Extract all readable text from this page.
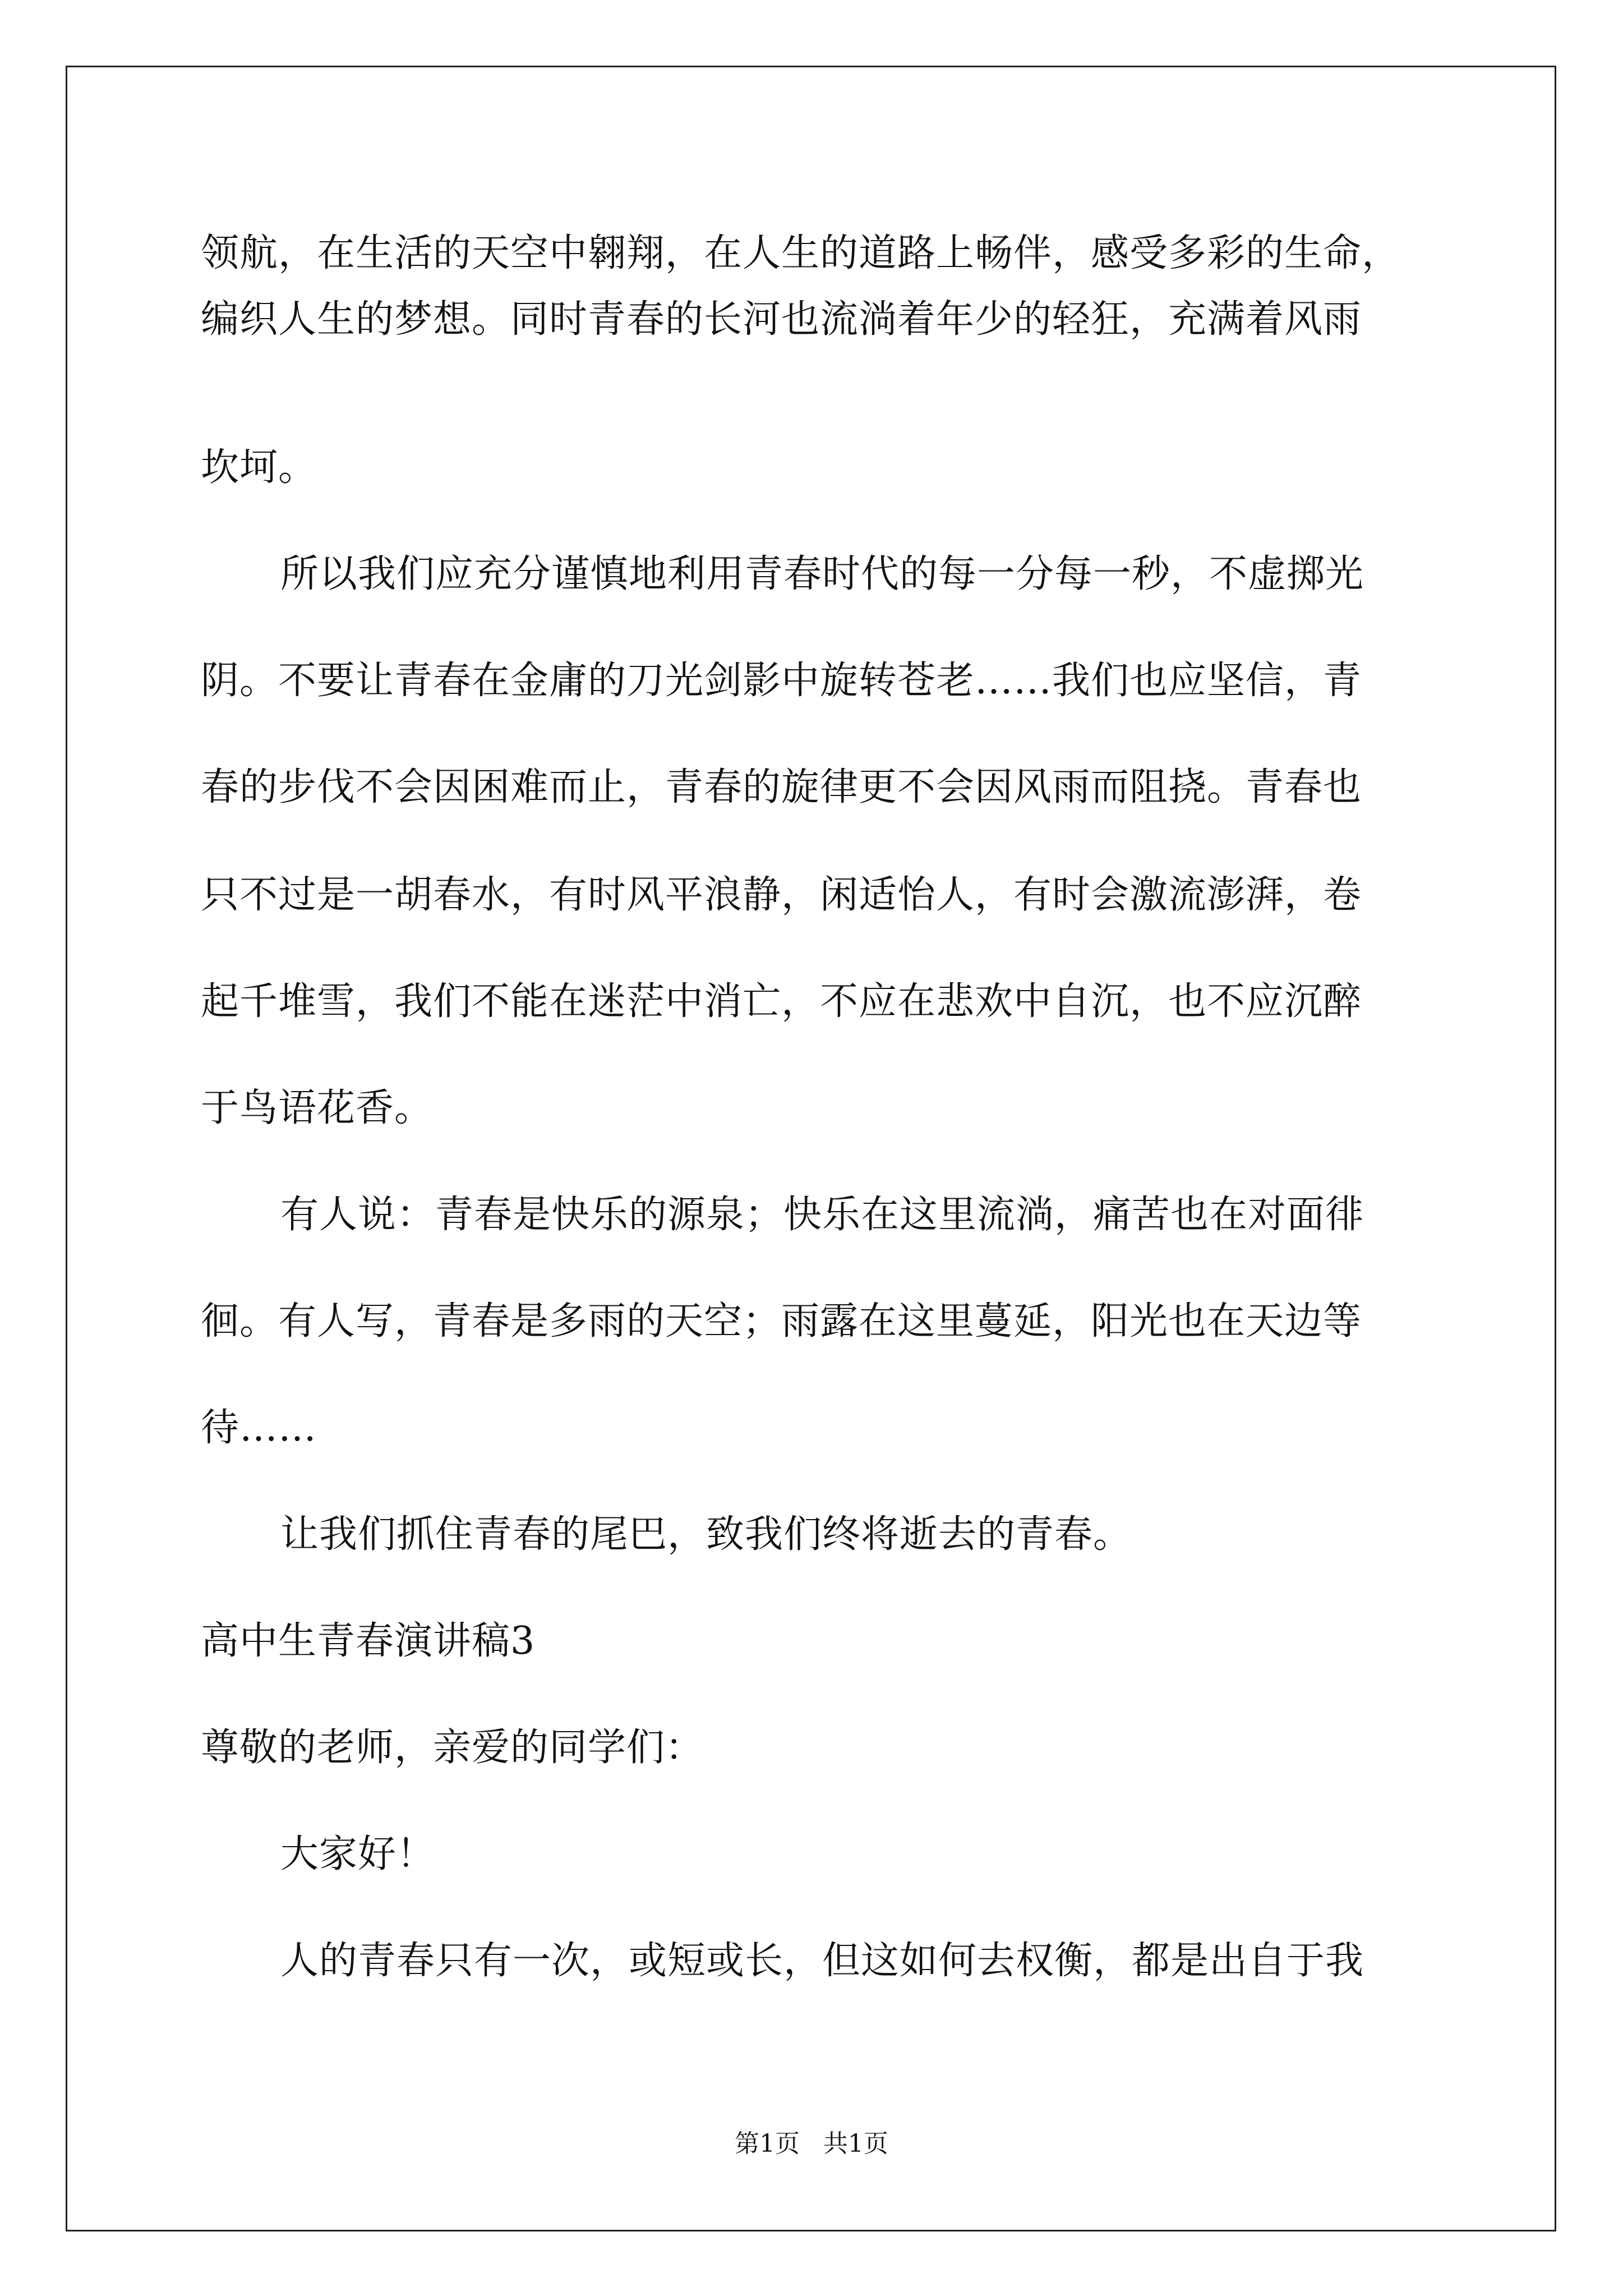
领航，在生活的天空中翱翔，在人生的道路上畅伴，感受多彩的生命，
编织人生的梦想。同时青春的长河也流淌着年少的轻狂，充满着风雨
坎坷。
所以我们应充分谨慎地利用青春时代的每一分每一秒，不虚掷光
阴。不要让青春在金庸的刀光剑影中旋转苍老……我们也应坚信，青
春的步伐不会因困难而止，青春的旋律更不会因风雨而阻挠。青春也
只不过是一胡春水，有时风平浪静，闲适怡人，有时会激流澎湃，卷
起千堆雪，我们不能在迷茫中消亡，不应在悲欢中自沉，也不应沉醉
于鸟语花香。
有人说：青春是快乐的源泉；快乐在这里流淌，痛苦也在对面徘
徊。有人写，青春是多雨的天空；雨露在这里蔓延，阳光也在天边等
待……
让我们抓住青春的尾巴，致我们终将逝去的青春。
高中生青春演讲稿3
尊敬的老师，亲爱的同学们：
大家好！
人的青春只有一次，或短或长，但这如何去权衡，都是出自于我
第1页   共1页
